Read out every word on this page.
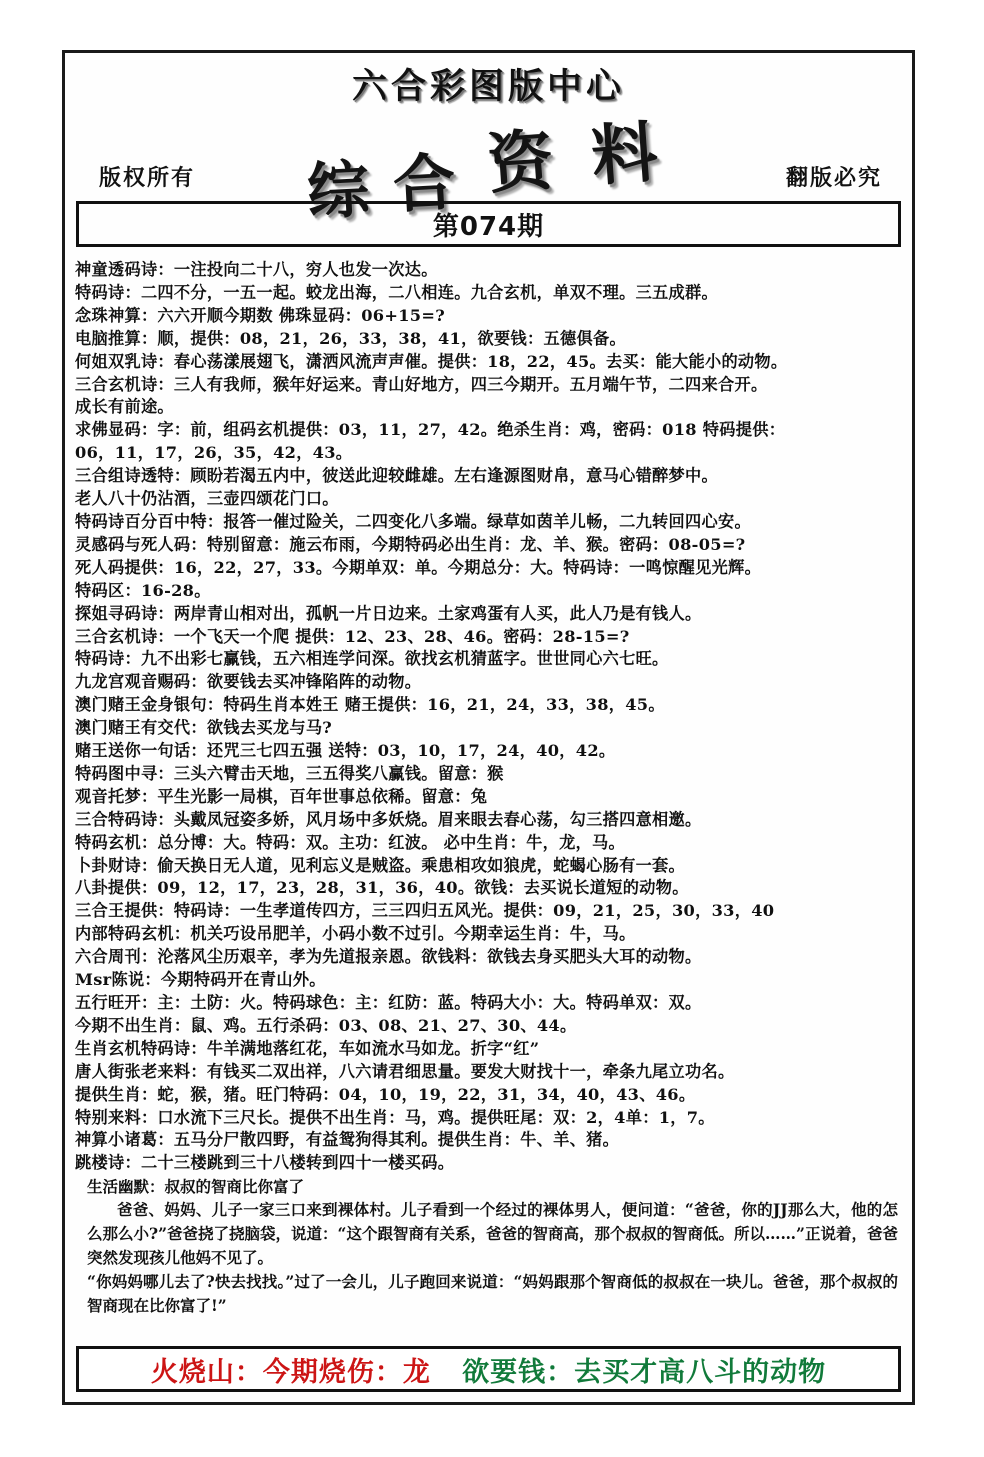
六合彩图版中心
综 合 资 料
版权所有	翻版必究
第074期
神童透码诗：一注投向二十八，穷人也发一次达。
特码诗：二四不分，一五一起。蛟龙出海，二八相连。九合玄机，单双不理。三五成群。
念珠神算：六六开顺今期数 佛珠显码：06+15=?
电脑推算：顺，提供：08，21，26，33，38，41，欲要钱：五德俱备。
何姐双乳诗：春心荡漾展翅飞，潇洒风流声声催。提供：18，22，45。去买：能大能小的动物。
三合玄机诗：三人有我师，猴年好运来。青山好地方，四三今期开。五月端午节，二四来合开。
成长有前途。
求佛显码：字：前，组码玄机提供：03，11，27，42。绝杀生肖：鸡，密码：018 特码提供：
06，11，17，26，35，42，43。
三合组诗透特：顾盼若渴五内中，彼送此迎较雌雄。左右逢源图财帛，意马心错醉梦中。
老人八十仍沾酒，三壶四颂花门口。
特码诗百分百中特：报答一催过险关，二四变化八多端。绿草如茵羊儿畅，二九转回四心安。
灵感码与死人码：特别留意：施云布雨，今期特码必出生肖：龙、羊、猴。密码：08-05=?
死人码提供：16，22，27，33。今期单双：单。今期总分：大。特码诗：一鸣惊醒见光辉。
特码区：16-28。
探姐寻码诗：两岸青山相对出，孤帆一片日边来。土家鸡蛋有人买，此人乃是有钱人。
三合玄机诗：一个飞天一个爬 提供：12、23、28、46。密码：28-15=?
特码诗：九不出彩七赢钱，五六相连学问深。欲找玄机猜蓝字。世世同心六七旺。
九龙宫观音赐码：欲要钱去买冲锋陷阵的动物。
澳门赌王金身银句：特码生肖本姓王 赌王提供：16，21，24，33，38，45。
澳门赌王有交代：欲钱去买龙与马?
赌王送你一句话：还咒三七四五强 送特：03，10，17，24，40，42。
特码图中寻：三头六臂击天地，三五得奖八赢钱。留意：猴
观音托梦：平生光影一局棋，百年世事总依稀。留意：兔
三合特码诗：头戴凤冠姿多娇，风月场中多妖烧。眉来眼去春心荡，勾三搭四意相邀。
特码玄机：总分博：大。特码：双。主功：红波。 必中生肖：牛，龙，马。
卜卦财诗：偷天换日无人道，见利忘义是贼盗。乘患相攻如狼虎，蛇蝎心肠有一套。
八卦提供：09，12，17，23，28，31，36，40。欲钱：去买说长道短的动物。
三合王提供：特码诗：一生孝道传四方，三三四归五风光。提供：09，21，25，30，33，40
内部特码玄机：机关巧设吊肥羊，小码小数不过引。今期幸运生肖：牛，马。
六合周刊：沦落风尘历艰辛，孝为先道报亲恩。欲钱料：欲钱去身买肥头大耳的动物。
Msr陈说：今期特码开在青山外。
五行旺开：主：土防：火。特码球色：主：红防：蓝。特码大小：大。特码单双：双。
今期不出生肖：鼠、鸡。五行杀码：03、08、21、27、30、44。
生肖玄机特码诗：牛羊满地落红花，车如流水马如龙。折字“红”
唐人街张老来料：有钱买二双出祥，八六请君细思量。要发大财找十一，牵条九尾立功名。
提供生肖：蛇，猴，猪。旺门特码：04，10，19，22，31，34，40，43、46。
特别来料：口水流下三尺长。提供不出生肖：马，鸡。提供旺尾：双：2，4单：1，7。
神算小诸葛：五马分尸散四野，有益鸳狗得其利。提供生肖：牛、羊、猪。
跳楼诗：二十三楼跳到三十八楼转到四十一楼买码。
生活幽默：叔叔的智商比你富了
爸爸、妈妈、儿子一家三口来到裸体村。儿子看到一个经过的裸体男人，便问道：“爸爸，你的JJ那么大，他的怎么那么小?”爸爸挠了挠脑袋，说道：“这个跟智商有关系，爸爸的智商高，那个叔叔的智商低。所以……”正说着，爸爸突然发现孩儿他妈不见了。
“你妈妈哪儿去了?快去找找。”过了一会儿，儿子跑回来说道：“妈妈跟那个智商低的叔叔在一块儿。爸爸，那个叔叔的智商现在比你富了!”
火烧山：今期烧伤：龙 欲要钱：去买才高八斗的动物
